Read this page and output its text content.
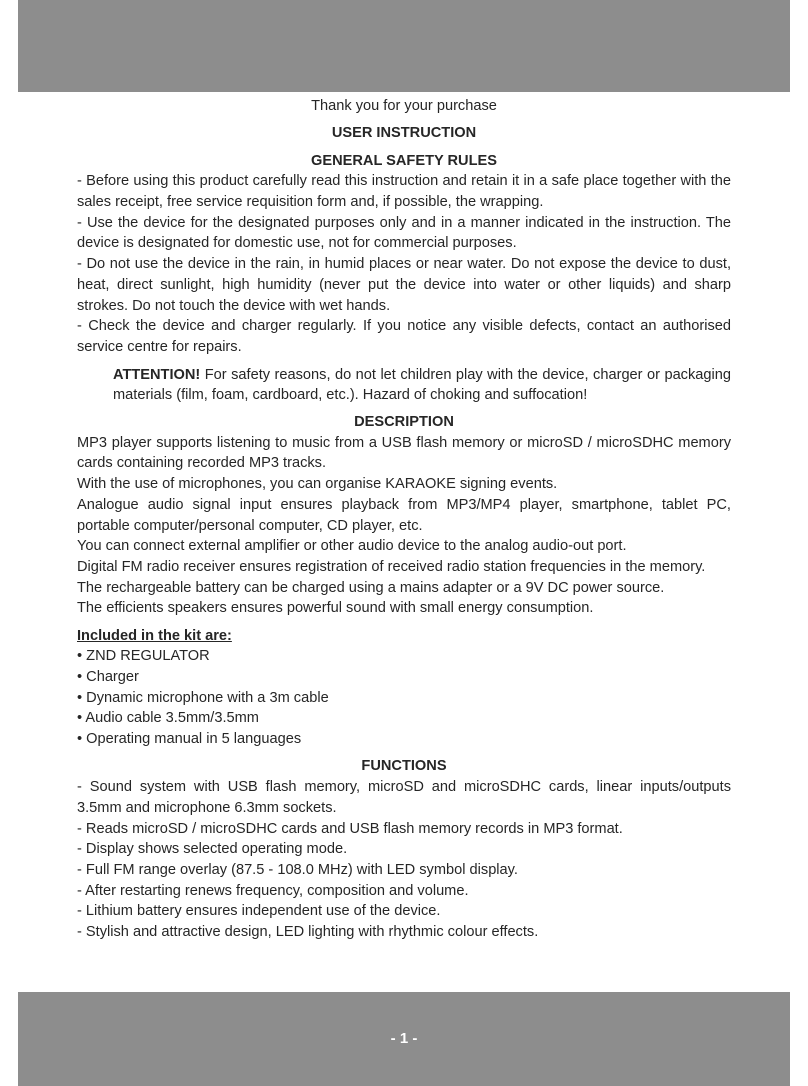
Thank you for your purchase
USER INSTRUCTION
GENERAL SAFETY RULES

- Before using this product carefully read this instruction and retain it in a safe place together with the sales receipt, free service requisition form and, if possible, the wrapping.

- Use the device for the designated purposes only and in a manner indicated in the instruction. The device is designated for domestic use, not for commercial purposes.

- Do not use the device in the rain, in humid places or near water. Do not expose the device to dust, heat, direct sunlight, high humidity (never put the device into water or other liquids) and sharp strokes. Do not touch the device with wet hands.

- Check the device and charger regularly. If you notice any visible defects, contact an authorised service centre for repairs.

ATTENTION! For safety reasons, do not let children play with the device, charger or packaging materials (film, foam, cardboard, etc.). Hazard of choking and suffocation!

DESCRIPTION

MP3 player supports listening to music from a USB flash memory or microSD / microSDHC memory cards containing recorded MP3 tracks.

With the use of microphones, you can organise KARAOKE signing events.

Analogue audio signal input ensures playback from MP3/MP4 player, smartphone, tablet PC, portable computer/personal computer, CD player, etc.

You can connect external amplifier or other audio device to the analog audio-out port.

Digital FM radio receiver ensures registration of received radio station frequencies in the memory.

The rechargeable battery can be charged using a mains adapter or a 9V DC power source.

The efficients speakers ensures powerful sound with small energy consumption.

Included in the kit are:
• ZND REGULATOR
• Charger
• Dynamic microphone with a 3m cable
• Audio cable 3.5mm/3.5mm
• Operating manual in 5 languages
FUNCTIONS

- Sound system with USB flash memory, microSD and microSDHC cards, linear inputs/outputs 3.5mm and microphone 6.3mm sockets.

- Reads microSD / microSDHC cards and USB flash memory records in MP3 format.

- Display shows selected operating mode.

- Full FM range overlay (87.5 - 108.0 MHz) with LED symbol display.

- After restarting renews frequency, composition and volume.

- Lithium battery ensures independent use of the device.

- Stylish and attractive design, LED lighting with rhythmic colour effects.

- 1 -
